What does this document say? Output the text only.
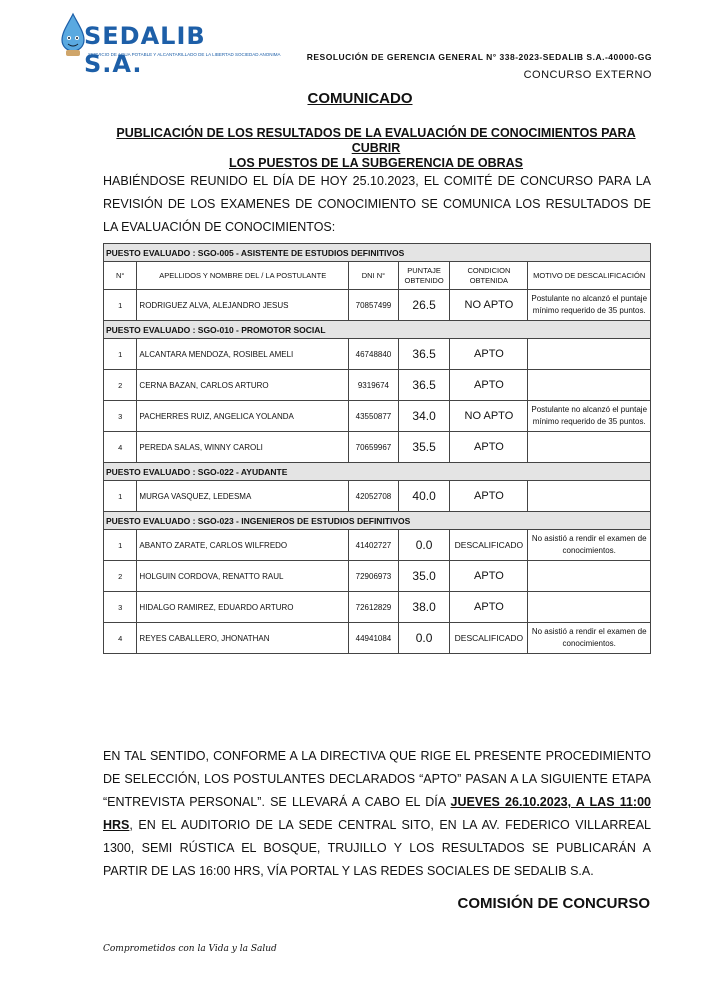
SEDALIB S.A.
SERVICIO DE AGUA POTABLE Y ALCANTARILLADO DE LA LIBERTAD SOCIEDAD ANONIMA	RESOLUCIÓN DE GERENCIA GENERAL N° 338-2023-SEDALIB S.A.-40000-GG
CONCURSO EXTERNO
COMUNICADO
PUBLICACIÓN DE LOS RESULTADOS DE LA EVALUACIÓN DE CONOCIMIENTOS PARA CUBRIR
LOS PUESTOS DE LA SUBGERENCIA DE OBRAS
HABIÉNDOSE REUNIDO EL DÍA DE HOY 25.10.2023, EL COMITÉ DE CONCURSO PARA LA REVISIÓN DE LOS EXAMENES DE CONOCIMIENTO SE COMUNICA LOS RESULTADOS DE LA EVALUACIÓN DE CONOCIMIENTOS:
PUESTO EVALUADO : SGO-005 - ASISTENTE DE ESTUDIOS DEFINITIVOS					
N°	APELLIDOS Y NOMBRE DEL / LA POSTULANTE	DNI N°	PUNTAJE OBTENIDO	CONDICION OBTENIDA	MOTIVO DE DESCALIFICACIÓN
1	RODRIGUEZ ALVA, ALEJANDRO JESUS	70857499	26.5	NO APTO	Postulante no alcanzó el puntaje mínimo requerido de 35 puntos.
PUESTO EVALUADO : SGO-010 - PROMOTOR SOCIAL					
1	ALCANTARA MENDOZA, ROSIBEL AMELI	46748840	36.5	APTO	
2	CERNA BAZAN, CARLOS ARTURO	9319674	36.5	APTO	
3	PACHERRES RUIZ, ANGELICA YOLANDA	43550877	34.0	NO APTO	Postulante no alcanzó el puntaje mínimo requerido de 35 puntos.
4	PEREDA SALAS, WINNY CAROLI	70659967	35.5	APTO	
PUESTO EVALUADO : SGO-022 - AYUDANTE					
1	MURGA VASQUEZ, LEDESMA	42052708	40.0	APTO	
PUESTO EVALUADO : SGO-023 - INGENIEROS DE ESTUDIOS DEFINITIVOS					
1	ABANTO ZARATE, CARLOS WILFREDO	41402727	0.0	DESCALIFICADO	No asistió a rendir el examen de conocimientos.
2	HOLGUIN CORDOVA, RENATTO RAUL	72906973	35.0	APTO	
3	HIDALGO RAMIREZ, EDUARDO ARTURO	72612829	38.0	APTO	
4	REYES CABALLERO, JHONATHAN	44941084	0.0	DESCALIFICADO	No asistió a rendir el examen de conocimientos.
EN TAL SENTIDO, CONFORME A LA DIRECTIVA QUE RIGE EL PRESENTE PROCEDIMIENTO DE SELECCIÓN, LOS POSTULANTES DECLARADOS “APTO” PASAN A LA SIGUIENTE ETAPA “ENTREVISTA PERSONAL”. SE LLEVARÁ A CABO EL DÍA JUEVES 26.10.2023, A LAS 11:00 HRS, EN EL AUDITORIO DE LA SEDE CENTRAL SITO, EN LA AV. FEDERICO VILLARREAL 1300, SEMI RÚSTICA EL BOSQUE, TRUJILLO Y LOS RESULTADOS SE PUBLICARÁN A PARTIR DE LAS 16:00 HRS, VÍA PORTAL Y LAS REDES SOCIALES DE SEDALIB S.A.
COMISIÓN DE CONCURSO
Comprometidos con la Vida y la Salud
